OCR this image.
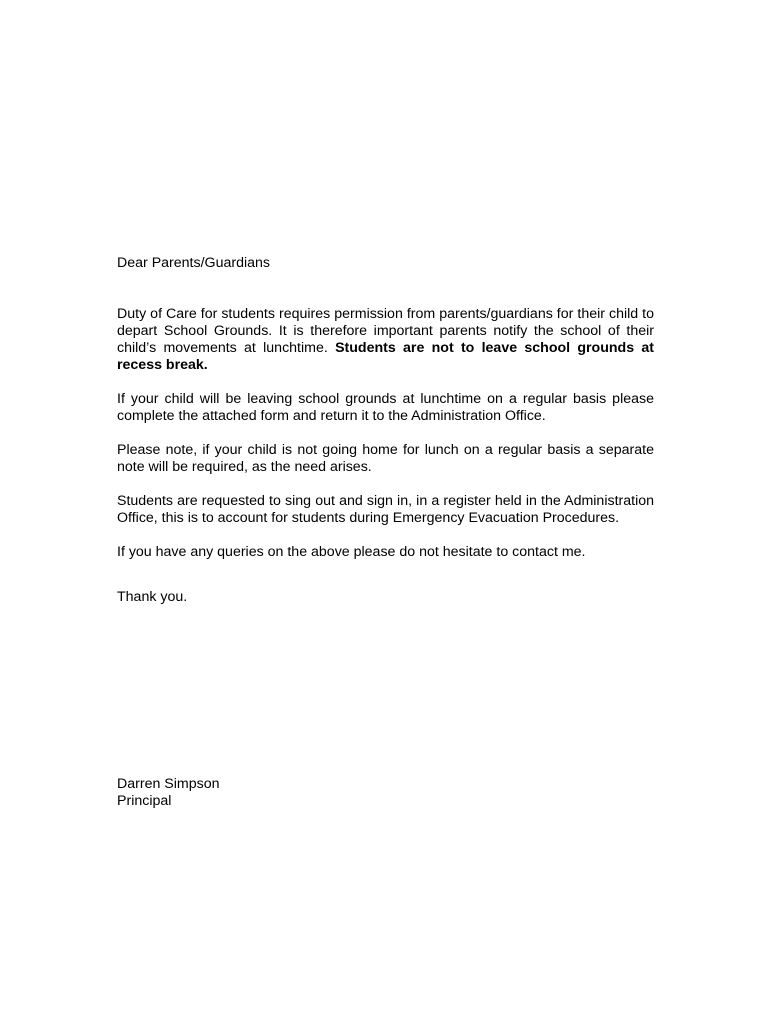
Dear Parents/Guardians

Duty of Care for students requires permission from parents/guardians for their child to depart School Grounds. It is therefore important parents notify the school of their child’s movements at lunchtime. Students are not to leave school grounds at recess break.

If your child will be leaving school grounds at lunchtime on a regular basis please complete the attached form and return it to the Administration Office.

Please note, if your child is not going home for lunch on a regular basis a separate note will be required, as the need arises.

Students are requested to sing out and sign in, in a register held in the Administration Office, this is to account for students during Emergency Evacuation Procedures.

If you have any queries on the above please do not hesitate to contact me.

Thank you.

Darren Simpson
Principal
